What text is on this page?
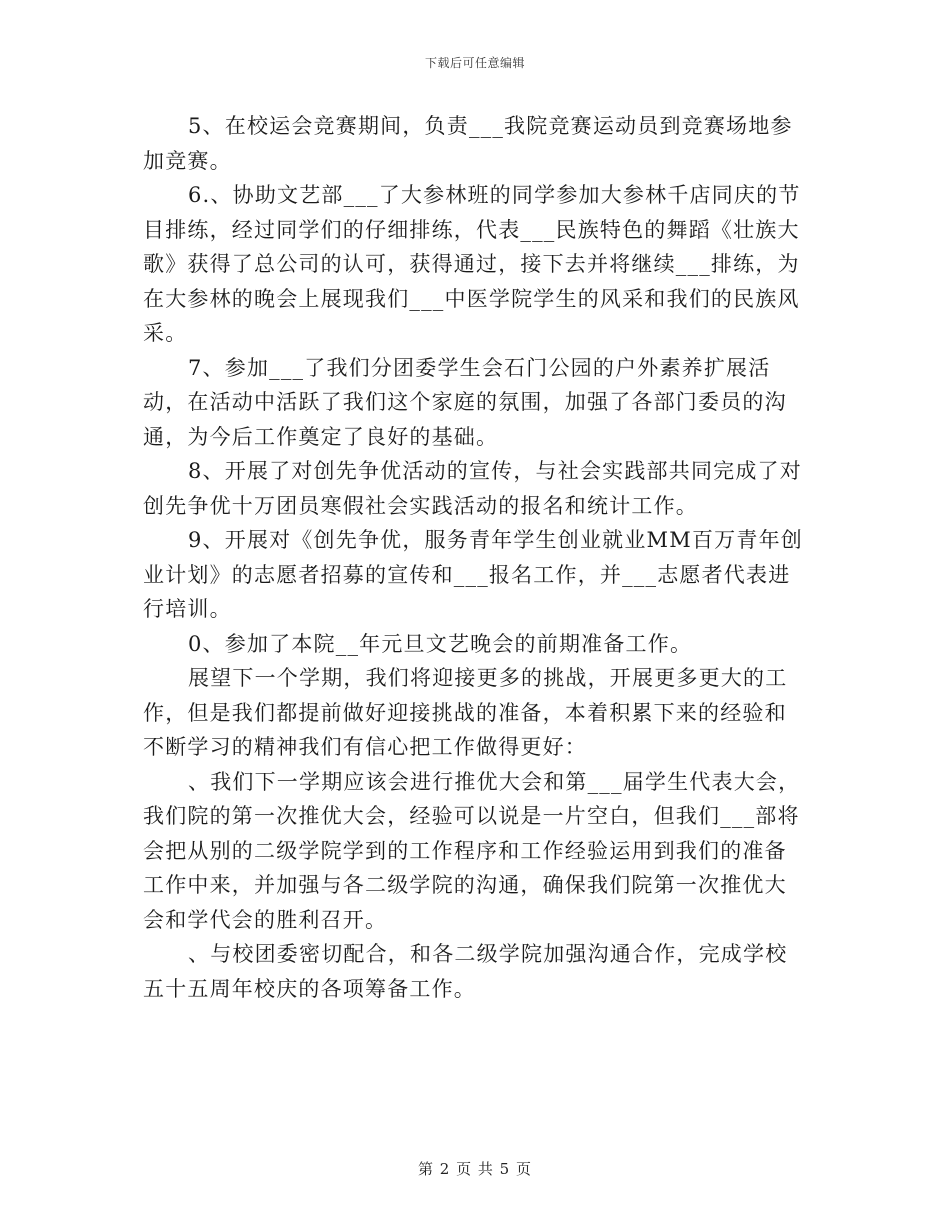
下载后可任意编辑

5、在校运会竞赛期间，负责___我院竞赛运动员到竞赛场地参加竞赛。

6.、协助文艺部___了大参林班的同学参加大参林千店同庆的节目排练，经过同学们的仔细排练，代表___民族特色的舞蹈《壮族大歌》获得了总公司的认可，获得通过，接下去并将继续___排练，为在大参林的晚会上展现我们___中医学院学生的风采和我们的民族风采。

7、参加___了我们分团委学生会石门公园的户外素养扩展活动，在活动中活跃了我们这个家庭的氛围，加强了各部门委员的沟通，为今后工作奠定了良好的基础。

8、开展了对创先争优活动的宣传，与社会实践部共同完成了对创先争优十万团员寒假社会实践活动的报名和统计工作。

9、开展对《创先争优，服务青年学生创业就业MM百万青年创业计划》的志愿者招募的宣传和___报名工作，并___志愿者代表进行培训。

0、参加了本院__年元旦文艺晚会的前期准备工作。

展望下一个学期，我们将迎接更多的挑战，开展更多更大的工作，但是我们都提前做好迎接挑战的准备，本着积累下来的经验和不断学习的精神我们有信心把工作做得更好：

、我们下一学期应该会进行推优大会和第___届学生代表大会，我们院的第一次推优大会，经验可以说是一片空白，但我们___部将会把从别的二级学院学到的工作程序和工作经验运用到我们的准备工作中来，并加强与各二级学院的沟通，确保我们院第一次推优大会和学代会的胜利召开。

、与校团委密切配合，和各二级学院加强沟通合作，完成学校五十五周年校庆的各项筹备工作。

第 2 页 共 5 页
